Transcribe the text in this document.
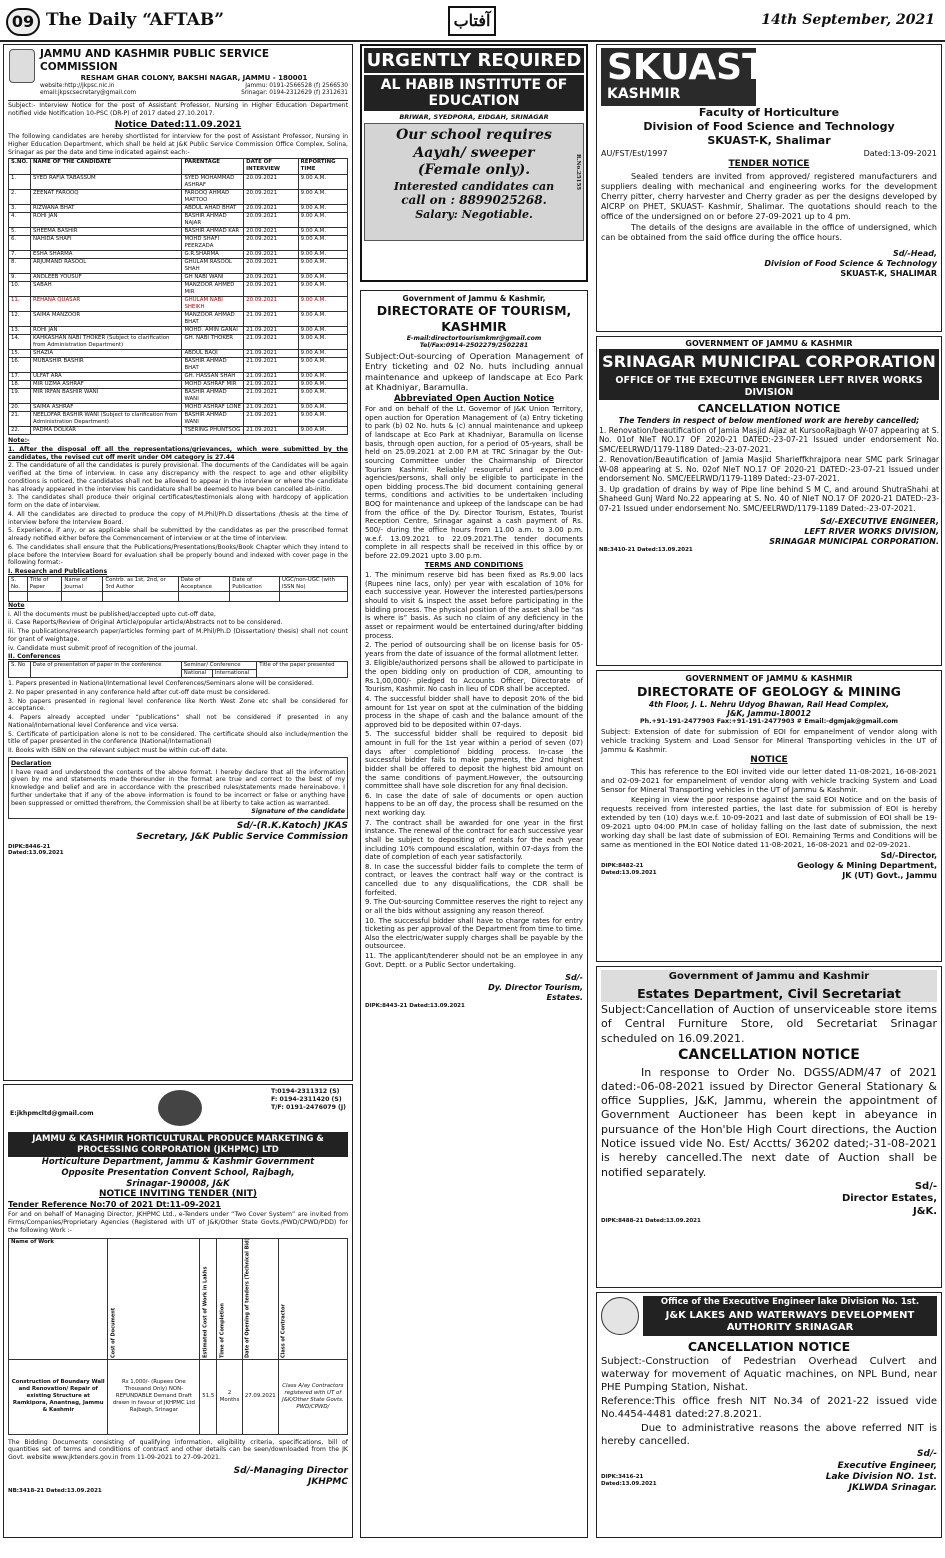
09 The Daily “AFTAB”	آفتاب	14th September, 2021
JAMMU AND KASHMIR PUBLIC SERVICE COMMISSION
RESHAM GHAR COLONY, BAKSHI NAGAR, JAMMU - 180001
website:http://jkpsc.nic.in	Jammu: 0191-2566528 (f) 2566530
email:jkpscsecretary@gmail.com	Srinagar: 0194-2312629 (f) 2312631

Subject:- Interview Notice for the post of Assistant Professor, Nursing in Higher Education Department notified vide Notification 10-PSC (DR-P) of 2017 dated 27.10.2017.

Notice Dated:11.09.2021

The following candidates are hereby shortlisted for interview for the post of Assistant Professor, Nursing in Higher Education Department, which shall be held at J&K Public Service Commission Office Complex, Solina, Srinagar as per the date and time indicated against each:-

S.NO.	NAME OF THE CANDIDATE	PARENTAGE	DATE OF INTERVIEW	REPORTING TIME
1.	SYED RAFIA TABASSUM	SYED MOHAMMAD ASHRAF	20.09.2021	9.00 A.M.
2.	ZEENAT FAROOQ	FAROOQ AHMAD MATTOO	20.09.2021	9.00 A.M.
3.	RIZWANA BHAT	ABDUL AHAD BHAT	20.09.2021	9.00 A.M.
4.	ROHI JAN	BASHIR AHMAD NAJAR	20.09.2021	9.00 A.M.
5.	SHEEMA BASHIR	BASHIR AHMAD KAR	20.09.2021	9.00 A.M.
6.	NAHIDA SHAFI	MOHD SHAFI PEERZADA	20.09.2021	9.00 A.M.
7.	ESHA SHARMA	G.R.SHARMA	20.09.2021	9.00 A.M.
8.	ARJUMAND RASOOL	GHULAM RASOOL SHAH	20.09.2021	9.00 A.M.
9.	ANDLEEB YOUSUF	GH NABI WANI	20.09.2021	9.00 A.M.
10.	SABAH	MANZOOR AHMED MIR	20.09.2021	9.00 A.M.
11.	REHANA QUASAR	GHULAM NABI SHEIKH	20.09.2021	9.00 A.M.
12.	SAIMA MANZOOR	MANZOOR AHMAD BHAT	21.09.2021	9.00 A.M.
13.	ROHI JAN	MOHD. AMIN GANAI	21.09.2021	9.00 A.M.
14.	KAHKASHAN NABI THOKER (Subject to clarification from Administration Department)	GH. NABI THOKER	21.09.2021	9.00 A.M.
15.	SHAZIA	ABDUL BAQI	21.09.2021	9.00 A.M.
16.	MUBASHIR BASHIR	BASHIR AHMAD BHAT	21.09.2021	9.00 A.M.
17.	ULFAT ARA	GH. HASSAN SHAH	21.09.2021	9.00 A.M.
18.	MIR UZMA ASHRAF	MOHD ASHRAF MIR	21.09.2021	9.00 A.M.
19.	MIR IRFAN BASHIR WANI	BASHIR AHMAD WANI	21.09.2021	9.00 A.M.
20.	SAIMA ASHRAF	MOHD ASHRAF LONE	21.09.2021	9.00 A.M.
21.	NEELOFAR BASHIR WANI (Subject to clarification from Administration Department)	BASHIR AHMAD WANI	21.09.2021	9.00 A.M.
22.	PADMA DOLKAR	TSERING PHUNTSOG	21.09.2021	9.00 A.M.
Note:-

1. After the disposal off all the representations/grievances, which were submitted by the candidates, the revised cut off merit under OM category is 27.44

2. The candidature of all the candidates is purely provisional. The documents of the Candidates will be again verified at the time of interview. In case any discrepancy with the respect to age and other eligibility conditions is noticed, the candidates shall not be allowed to appear in the interview or where the candidate has already appeared in the interview his candidature shall be deemed to have been cancelled ab-initio.

3. The candidates shall produce their original certificates/testimonials along with hardcopy of application form on the date of interview.

4. All the candidates are directed to produce the copy of M.Phil/Ph.D dissertations /thesis at the time of interview before the Interview Board.

5. Experience, if any, or as applicable shall be submitted by the candidates as per the prescribed format already notified either before the Commencement of interview or at the time of interview.

6. The candidates shall ensure that the Publications/Presentations/Books/Book Chapter which they intend to place before the Interview Board for evaluation shall be properly bound and indexed with cover page in the following format:-

I. Research and Publications
S. No.	Title of Paper	Name of Journal	Contrb. as 1st, 2nd, or 3rd Author	Date of Acceptance	Date of Publication	UGC/non-UGC (with ISSN No)

Note

i. All the documents must be published/accepted upto cut-off date,

ii. Case Reports/Review of Original Article/popular article/Abstracts not to be considered.

iii. The publications/research paper/articles forming part of M.Phil/Ph.D (Dissertation/ thesis) shall not count for grant of weightage.

iv. Candidate must submit proof of recognition of the journal.

II. Conferences
S. No	Date of presentation of paper in the conference	Seminar/ Conference		Title of the paper presented
		National	International	

1. Papers presented in National/International level Conferences/Seminars alone will be considered.

2. No paper presented in any conference held after cut-off date must be considered.

3. No papers presented in regional level conference like North West Zone etc shall be considered for acceptance.

4. Papers already accepted under “publications” shall not be considered if presented in any National/International level Conference and vice versa.

5. Certificate of participation alone is not to be considered. The certificate should also include/mention the title of paper presented in the conference (National/International)

II. Books with ISBN on the relevant subject must be within cut-off date.

Declaration

I have read and understood the contents of the above format. I hereby declare that all the information given by me and statements made thereunder in the format are true and correct to the best of my knowledge and belief and are in accordance with the prescribed rules/statements made hereinabove. I further undertake that if any of the above information is found to be incorrect or false or anything have been suppressed or omitted therefrom, the Commission shall be at liberty to take action as warranted.

Signature of the candidate
Sd/-(R.K.Katoch) JKAS
Secretary, J&K Public Service Commission
DIPK:8446-21
Dated:13.09.2021
E:jkhpmcltd@gmail.com
T:0194-2311312 (S)
F: 0194-2311420 (S)
T/F: 0191-2476079 (J)
JAMMU & KASHMIR HORTICULTURAL PRODUCE MARKETING & PROCESSING CORPORATION (JKHPMC) LTD
Horticulture Department, Jammu & Kashmir Government
Opposite Presentation Convent School, Rajbagh,
Srinagar-190008, J&K
NOTICE INVITING TENDER (NIT)
Tender Reference No:70 of 2021 Dt:11-09-2021

For and on behalf of Managing Director, JKHPMC Ltd., e-Tenders under “Two Cover System” are invited from Firms/Companies/Proprietary Agencies (Registered with UT of J&K/Other State Govts./PWD/CPWD/PDD) for the following Work :-

Name of Work	Cost of Document	Estimated Cost of Work in Lakhs	Time of Completion	Date of Opening of tenders (Technical Bid)	Class of Contractor
Construction of Boundary Wall and Renovation/ Repair of existing Structure at Ramkipora, Anantnag, Jammu & Kashmir	Rs 1,000/- (Rupees One Thousand Only) NON-REFUNDABLE Demand Draft drawn in favour of JKHPMC Ltd Rajbagh, Srinagar	51.5	2 Months	27.09.2021	Class A/ay Contractors registered with UT of J&K/Other State Govts. PWD/CPWD/

The Bidding Documents consisting of qualifying information, eligibility criteria, specifications, bill of quantities set of terms and conditions of contract and other details can be seen/downloaded from the JK Govt. website www.jktenders.gov.in from 11-09-2021 to 27-09-2021.

Sd/-Managing Director
JKHPMC
NB:3418-21 Dated:13.09.2021
URGENTLY REQUIRED
AL HABIB INSTITUTE OF EDUCATION
BRIWAR, SYEDPORA, EIDGAH, SRINAGAR
Our school requires
Aayah/ sweeper
(Female only).
Interested candidates can
call on : 8899025268.
Salary: Negotiable.
R.No.25155
Government of Jammu & Kashmir,
DIRECTORATE OF TOURISM, KASHMIR
E-mail:directortourismkmr@gmail.com
Tel/Fax:0914-2502279/2502281

Subject:Out-sourcing of Operation Management of Entry ticketing and 02 No. huts including annual maintenance and upkeep of landscape at Eco Park at Khadniyar, Baramulla.

Abbreviated Open Auction Notice

For and on behalf of the Lt. Governor of J&K Union Territory, open auction for Operation Management of (a) Entry ticketing to park (b) 02 No. huts & (c) annual maintenance and upkeep of landscape at Eco Park at Khadniyar, Baramulla on license basis, through open auction, for a period of 05-years, shall be held on 25.09.2021 at 2.00 P.M at TRC Srinagar by the Out-sourcing Committee under the Chairmanship of Director Tourism Kashmir. Reliable/ resourceful and experienced agencies/persons, shall only be eligible to participate in the open bidding process.The bid document containing general terms, conditions and activities to be undertaken including BOQ for maintenance and upkeep of the landscape can be had from the office of the Dy. Director Tourism, Estates, Tourist Reception Centre, Srinagar against a cash payment of Rs. 500/- during the office hours from 11.00 a.m. to 3.00 p.m. w.e.f. 13.09.2021 to 22.09.2021.The tender documents complete in all respects shall be received in this office by or before 22.09.2021 upto 3.00 p.m.

TERMS AND CONDITIONS

1. The minimum reserve bid has been fixed as Rs.9.00 lacs (Rupees nine lacs, only) per year with escalation of 10% for each successive year. However the interested parties/persons should to visit & inspect the asset before participating in the bidding process. The physical position of the asset shall be “as is where is” basis. As such no claim of any deficiency in the asset or repairment would be entertained during/after bidding process.

2. The period of outsourcing shall be on license basis for 05-years from the date of issuance of the formal allotment letter.

3. Eligible/authorized persons shall be allowed to participate in the open bidding only on production of CDR, amounting to Rs.1,00,000/- pledged to Accounts Officer, Directorate of Tourism, Kashmir. No cash in lieu of CDR shall be accepted.

4. The successful bidder shall have to deposit 20% of the bid amount for 1st year on spot at the culmination of the bidding process in the shape of cash and the balance amount of the approved bid to be deposited within 07-days.

5. The successful bidder shall be required to deposit bid amount in full for the 1st year within a period of seven (07) days after completionof bidding process. In-case the successful bidder fails to make payments, the 2nd highest bidder shall be offered to deposit the highest bid amount on the same conditions of payment.However, the outsourcing committee shall have sole discretion for any final decision.

6. In case the date of sale of documents or open auction happens to be an off day, the process shall be resumed on the next working day.

7. The contract shall be awarded for one year in the first instance. The renewal of the contract for each successive year shall be subject to depositing of rentals for the each year including 10% compound escalation, within 07-days from the date of completion of each year satisfactorily.

8. In case the successful bidder fails to complete the term of contract, or leaves the contract half way or the contract is cancelled due to any disqualifications, the CDR shall be forfeited.

9. The Out-sourcing Committee reserves the right to reject any or all the bids without assigning any reason thereof.

10. The successful bidder shall have to charge rates for entry ticketing as per approval of the Department from time to time. Also the electric/water supply charges shall be payable by the outsourcee.

11. The applicant/tenderer should not be an employee in any Govt. Deptt. or a Public Sector undertaking.

Sd/-
Dy. Director Tourism,
Estates.
DIPK:8443-21 Dated:13.09.2021
SKUAST
KASHMIR
Faculty of Horticulture
Division of Food Science and Technology
SKUAST-K, Shalimar
AU/FST/Est/1997	Dated:13-09-2021
TENDER NOTICE

Sealed tenders are invited from approved/ registered manufacturers and suppliers dealing with mechanical and engineering works for the development Cherry pitter, cherry harvester and Cherry grader as per the designs developed by AICRP on PHET, SKUAST- Kashmir, Shalimar. The quotations should reach to the office of the undersigned on or before 27-09-2021 up to 4 pm.

The details of the designs are available in the office of undersigned, which can be obtained from the said office during the office hours.

Sd/-Head,
Division of Food Science & Technology
SKUAST-K, SHALIMAR
GOVERNMENT OF JAMMU & KASHMIR
SRINAGAR MUNICIPAL CORPORATION
OFFICE OF THE EXECUTIVE ENGINEER LEFT RIVER WORKS DIVISION
CANCELLATION NOTICE
The Tenders in respect of below mentioned work are hereby cancelled;

1. Renovation/beautification of Jamia Masjid Aijaz at KursooRajbagh W-07 appearing at S. No. 01of NIeT NO.17 OF 2020-21 DATED:-23-07-21 Issued under endorsement No. SMC/EELRWD/1179-1189 Dated:-23-07-2021.

2. Renovation/Beautification of Jamia Masjid Sharieffkhrajpora near SMC park Srinagar W-08 appearing at S. No. 02of NIeT NO.17 OF 2020-21 DATED:-23-07-21 Issued under endorsement No. SMC/EELRWD/1179-1189 Dated:-23-07-2021.

3. Up gradation of drains by way of Pipe line behind S M C, and around ShutraShahi at Shaheed Gunj Ward No.22 appearing at S. No. 40 of NIeT NO.17 OF 2020-21 DATED:-23-07-21 Issued under endorsement No. SMC/EELRWD/1179-1189 Dated:-23-07-2021.

Sd/-EXECUTIVE ENGINEER,
LEFT RIVER WORKS DIVISION,
SRINAGAR MUNICIPAL CORPORATION.
NB:3410-21 Dated:13.09.2021
GOVERNMENT OF JAMMU & KASHMIR
DIRECTORATE OF GEOLOGY & MINING
4th Floor, J. L. Nehru Udyog Bhawan, Rail Head Complex,
J&K, Jammu-180012
Ph.+91-191-2477903 Fax:+91-191-2477903 # Email:-dgmjak@gmail.com

Subject: Extension of date for submission of EOI for empanelment of vendor along with vehicle tracking System and Load Sensor for Mineral Transporting vehicles in the UT of Jammu & Kashmir.

NOTICE

This has reference to the EOI invited vide our letter dated 11-08-2021, 16-08-2021 and 02-09-2021 for empanelment of vendor along with vehicle tracking System and Load Sensor for Mineral Transporting vehicles in the UT of Jammu & Kashmir.

Keeping in view the poor response against the said EOI Notice and on the basis of requests received from interested parties, the last date for submission of EOI is hereby extended by ten (10) days w.e.f. 10-09-2021 and last date of submission of EOI shall be 19-09-2021 upto 04:00 PM.In case of holiday falling on the last date of submission, the next working day shall be last date of submission of EOI. Remaining Terms and Conditions will be same as mentioned in the EOI Notice dated 11-08-2021, 16-08-2021 and 02-09-2021.

Sd/-Director,
Geology & Mining Department,
JK (UT) Govt., Jammu
DIPK:8482-21
Dated:13.09.2021
Government of Jammu and Kashmir
Estates Department, Civil Secretariat

Subject:Cancellation of Auction of unserviceable store items of Central Furniture Store, old Secretariat Srinagar scheduled on 16.09.2021.

CANCELLATION NOTICE

In response to Order No. DGSS/ADM/47 of 2021 dated:-06-08-2021 issued by Director General Stationary & office Supplies, J&K, Jammu, wherein the appointment of Government Auctioneer has been kept in abeyance in pursuance of the Hon'ble High Court directions, the Auction Notice issued vide No. Est/ Acctts/ 36202 dated;-31-08-2021 is hereby cancelled.The next date of Auction shall be notified separately.

Sd/-
Director Estates,
J&K.
DIPK:8488-21 Dated:13.09.2021
Office of the Executive Engineer lake Division No. 1st.
J&K LAKES AND WATERWAYS DEVELOPMENT AUTHORITY SRINAGAR
CANCELLATION NOTICE

Subject:-Construction of Pedestrian Overhead Culvert and waterway for movement of Aquatic machines, on NPL Bund, near PHE Pumping Station, Nishat.

Reference:This office fresh NIT No.34 of 2021-22 issued vide No.4454-4481 dated:27.8.2021.

Due to administrative reasons the above referred NIT is hereby cancelled.

Sd/-
Executive Engineer,
Lake Division NO. 1st.
JKLWDA Srinagar.
DIPK:3416-21
Dated:13.09.2021
